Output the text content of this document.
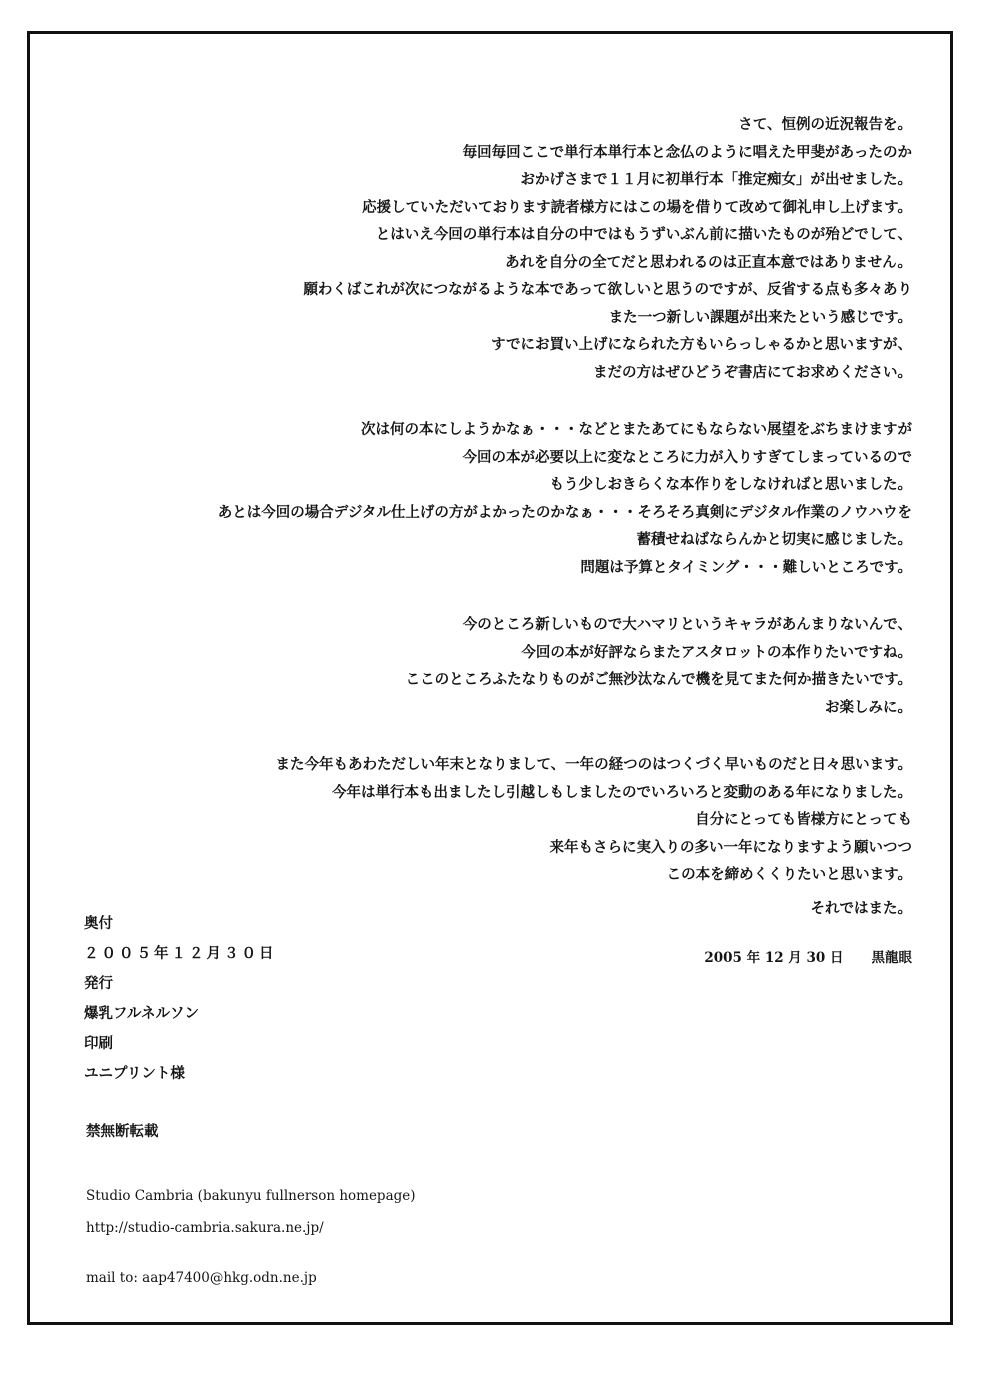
さて、恒例の近況報告を。
毎回毎回ここで単行本単行本と念仏のように唱えた甲斐があったのか
おかげさまで１１月に初単行本「推定痴女」が出せました。
応援していただいております読者様方にはこの場を借りて改めて御礼申し上げます。
とはいえ今回の単行本は自分の中ではもうずいぶん前に描いたものが殆どでして、
あれを自分の全てだと思われるのは正直本意ではありません。
願わくばこれが次につながるような本であって欲しいと思うのですが、反省する点も多々あり
また一つ新しい課題が出来たという感じです。
すでにお買い上げになられた方もいらっしゃるかと思いますが、
まだの方はぜひどうぞ書店にてお求めください。
次は何の本にしようかなぁ・・・などとまたあてにもならない展望をぶちまけますが
今回の本が必要以上に変なところに力が入りすぎてしまっているので
もう少しおきらくな本作りをしなければと思いました。
あとは今回の場合デジタル仕上げの方がよかったのかなぁ・・・そろそろ真剣にデジタル作業のノウハウを
蓄積せねばならんかと切実に感じました。
問題は予算とタイミング・・・難しいところです。
今のところ新しいもので大ハマリというキャラがあんまりないんで、
今回の本が好評ならまたアスタロットの本作りたいですね。
ここのところふたなりものがご無沙汰なんで機を見てまた何か描きたいです。
お楽しみに。
また今年もあわただしい年末となりまして、一年の経つのはつくづく早いものだと日々思います。
今年は単行本も出ましたし引越しもしましたのでいろいろと変動のある年になりました。
自分にとっても皆様方にとっても
来年もさらに実入りの多い一年になりますよう願いつつ
この本を締めくくりたいと思います。
それではまた。
2005 年 12 月 30 日 黒龍眼
奥付
２００５年１２月３０日
発行
爆乳フルネルソン
印刷
ユニプリント様
禁無断転載
Studio Cambria (bakunyu fullnerson homepage)
http://studio-cambria.sakura.ne.jp/
mail to: aap47400@hkg.odn.ne.jp
